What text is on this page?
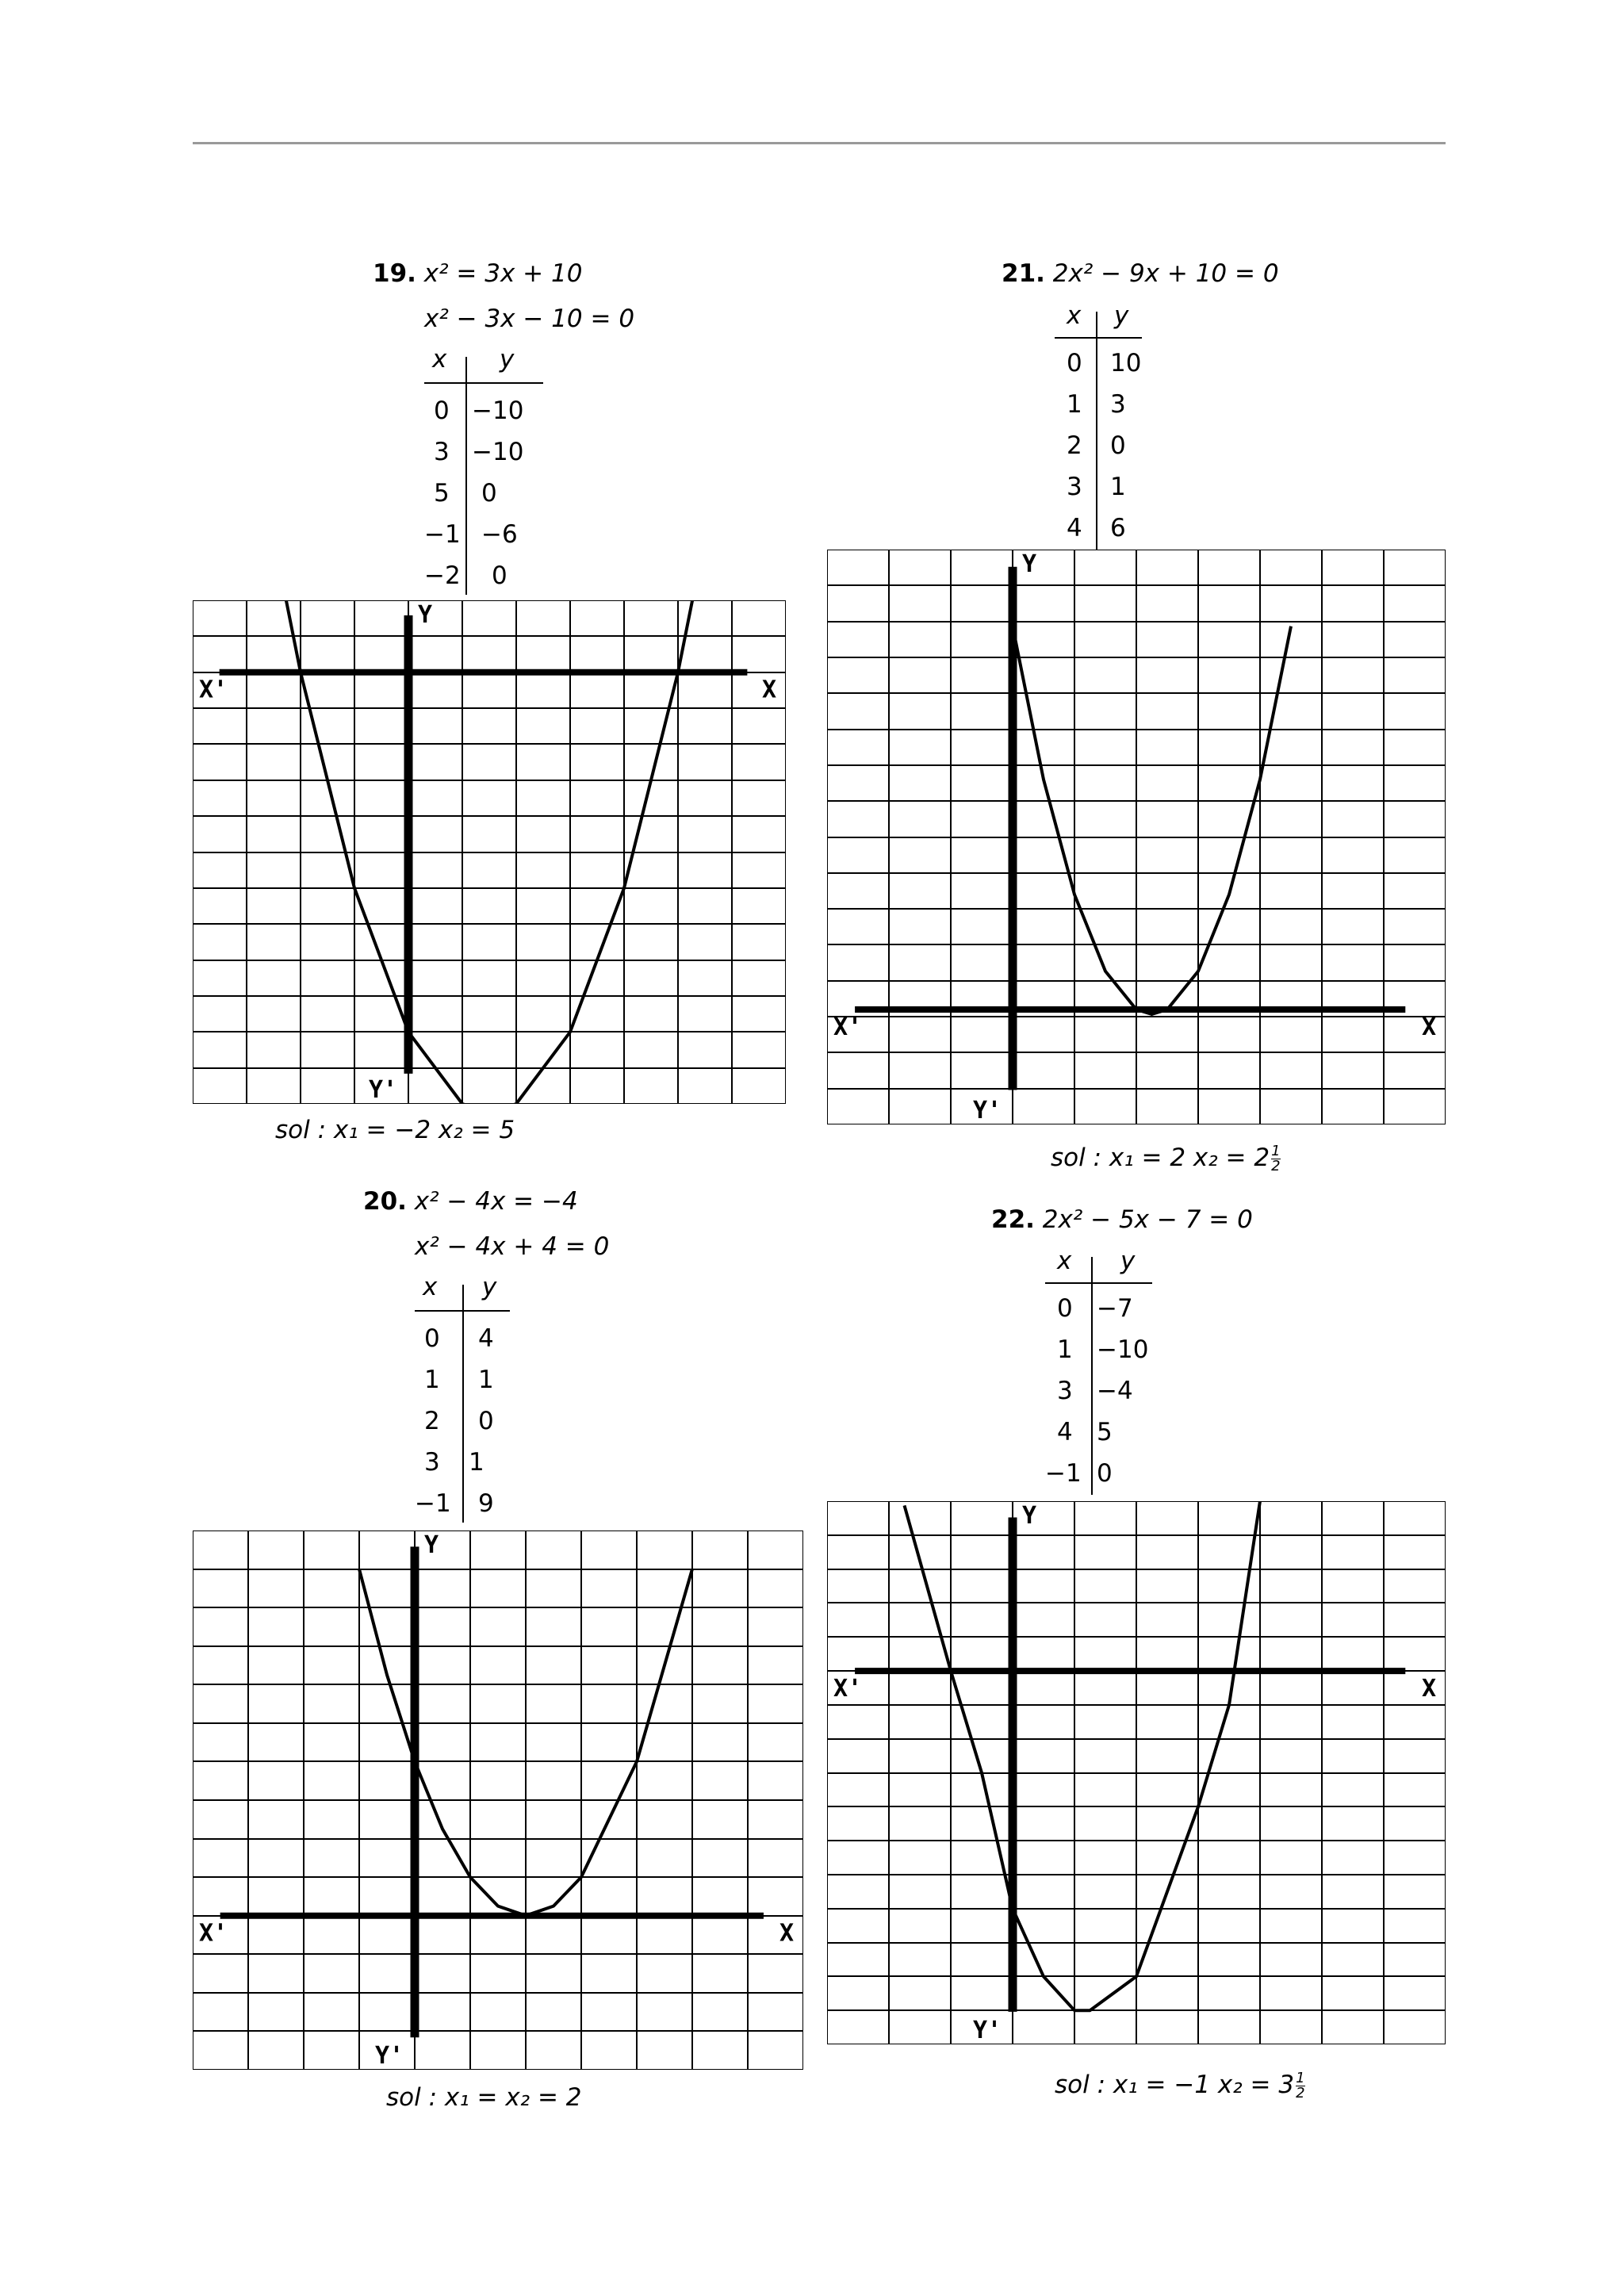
19. x² = 3x + 10
x² − 3x − 10 = 0
x y
0 −10
3 −10
5 0
−1 −6
−2 0
X'	X
Y
Y'
sol : x₁ = −2 x₂ = 5
20. x² − 4x = −4
x² − 4x + 4 = 0
x y
0 4
1 1
2 0
3 1
−1 9
X'	X
Y
Y'
sol : x₁ = x₂ = 2
21. 2x² − 9x + 10 = 0
x y
0 10
1 3
2 0
3 1
4 6
X'	X
Y
Y'
sol : x₁ = 2 $x_2 = 2 \frac{1}{2}$
22. 2x² − 5x − 7 = 0
x y
0 −7
1 −10
3 −4
4 5
−1 0
X'	X
Y
Y'
sol : x₁ = −1 $x_2 = 3 \frac{1}{2}$
